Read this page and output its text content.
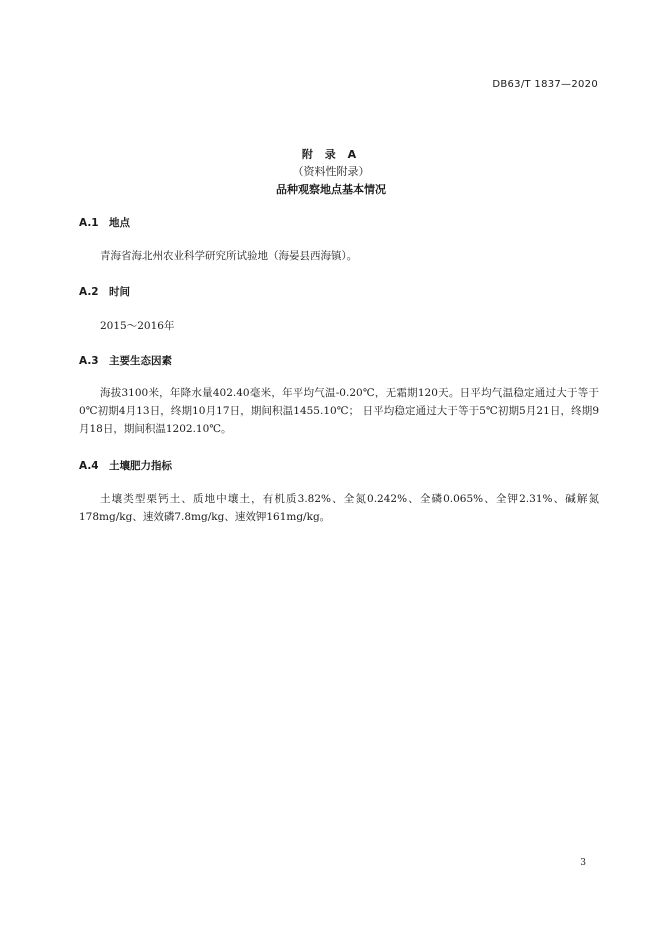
DB63/T 1837—2020
附 录 A
（资料性附录）
品种观察地点基本情况
A.1 地点
青海省海北州农业科学研究所试验地（海晏县西海镇）。
A.2 时间
2015～2016年
A.3 主要生态因素
海拔3100米，年降水量402.40毫米，年平均气温-0.20℃，无霜期120天。日平均气温稳定通过大于等于0℃初期4月13日，终期10月17日，期间积温1455.10℃； 日平均稳定通过大于等于5℃初期5月21日，终期9月18日，期间积温1202.10℃。
A.4 土壤肥力指标
土壤类型栗钙土、质地中壤土，有机质3.82%、全氮0.242%、全磷0.065%、全钾2.31%、碱解氮178mg/kg、速效磷7.8mg/kg、速效钾161mg/kg。
3
